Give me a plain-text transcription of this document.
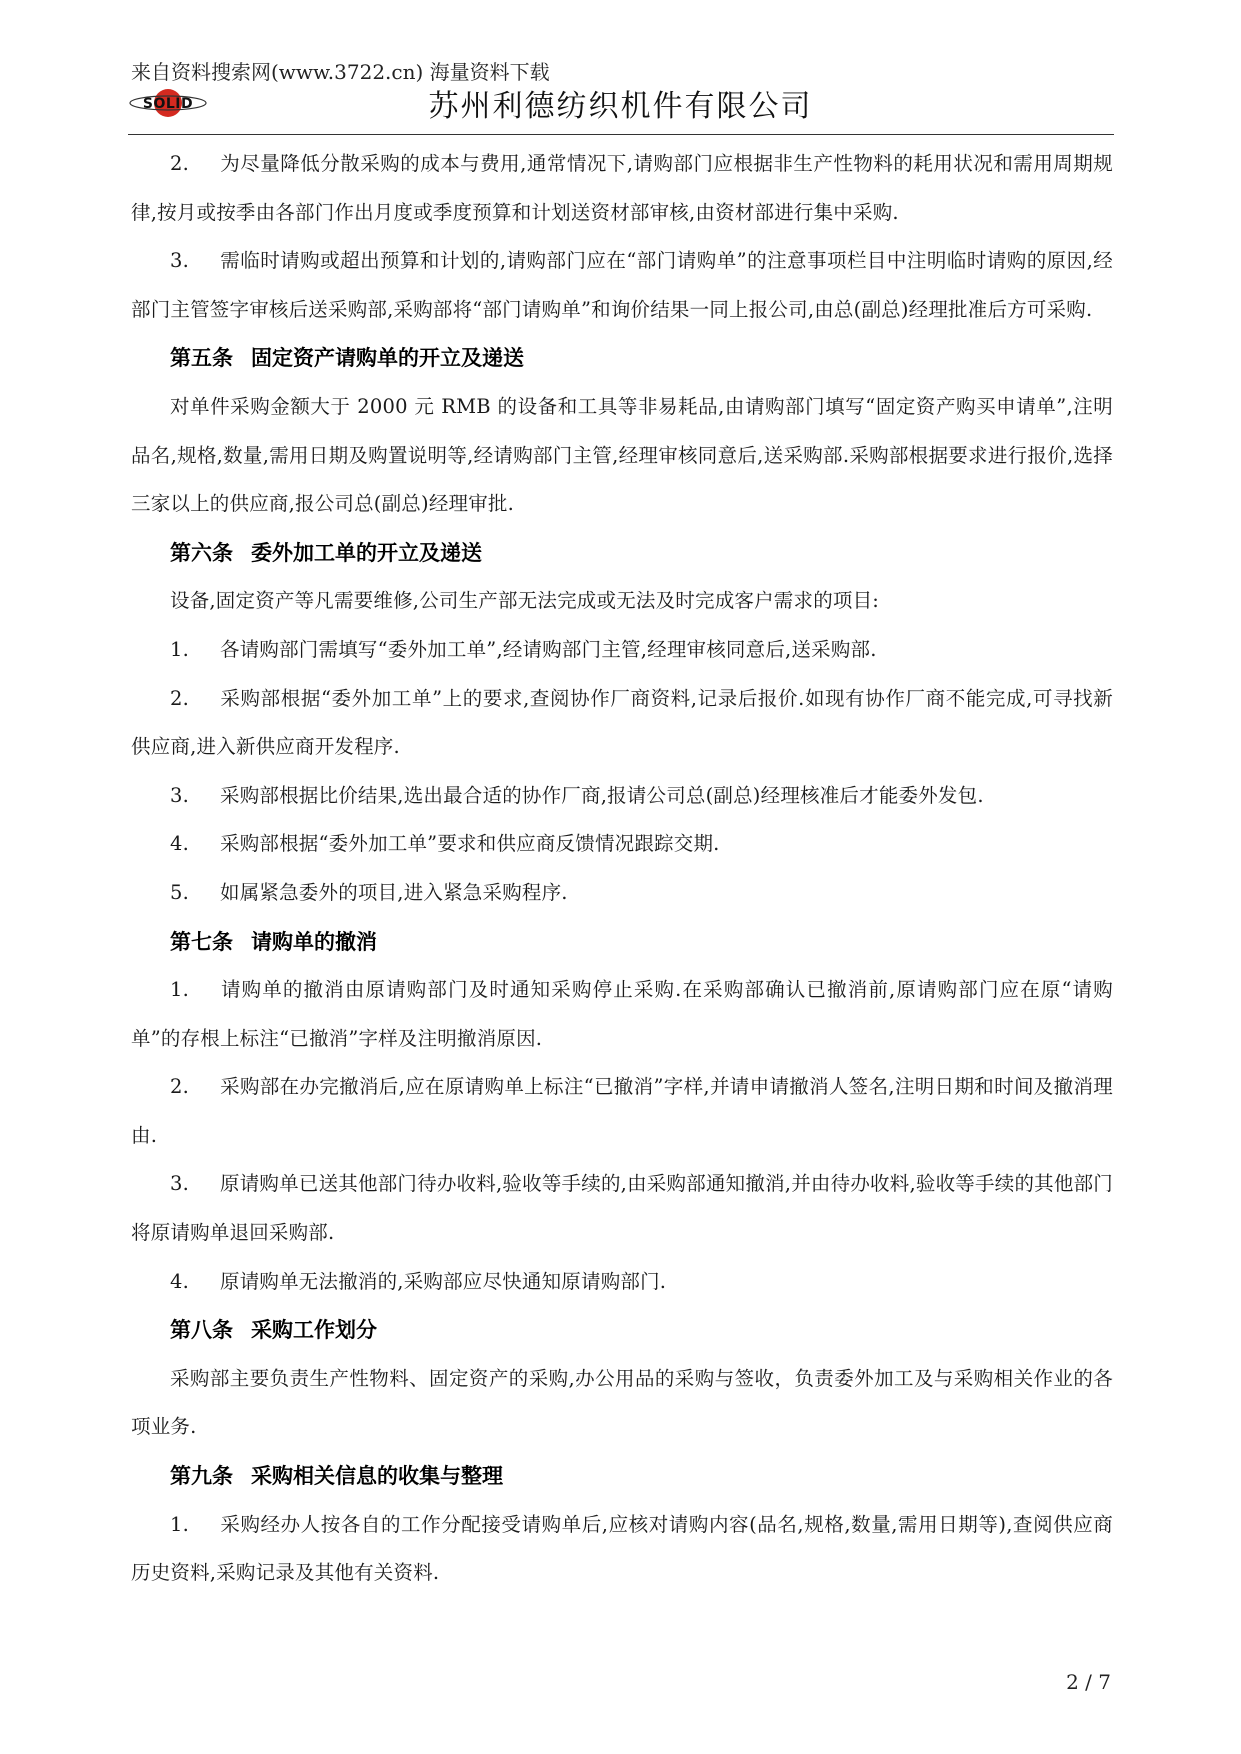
来自资料搜索网(www.3722.cn) 海量资料下载
SOLID	苏州利德纺织机件有限公司

2. 为尽量降低分散采购的成本与费用,通常情况下,请购部门应根据非生产性物料的耗用状况和需用周期规律,按月或按季由各部门作出月度或季度预算和计划送资材部审核,由资材部进行集中采购.

3. 需临时请购或超出预算和计划的,请购部门应在“部门请购单”的注意事项栏目中注明临时请购的原因,经部门主管签字审核后送采购部,采购部将“部门请购单”和询价结果一同上报公司,由总(副总)经理批准后方可采购.

第五条 固定资产请购单的开立及递送

对单件采购金额大于 2000 元 RMB 的设备和工具等非易耗品,由请购部门填写“固定资产购买申请单”,注明品名,规格,数量,需用日期及购置说明等,经请购部门主管,经理审核同意后,送采购部.采购部根据要求进行报价,选择三家以上的供应商,报公司总(副总)经理审批.

第六条 委外加工单的开立及递送

设备,固定资产等凡需要维修,公司生产部无法完成或无法及时完成客户需求的项目:

1. 各请购部门需填写“委外加工单”,经请购部门主管,经理审核同意后,送采购部.

2. 采购部根据“委外加工单”上的要求,查阅协作厂商资料,记录后报价.如现有协作厂商不能完成,可寻找新供应商,进入新供应商开发程序.

3. 采购部根据比价结果,选出最合适的协作厂商,报请公司总(副总)经理核准后才能委外发包.

4. 采购部根据“委外加工单”要求和供应商反馈情况跟踪交期.

5. 如属紧急委外的项目,进入紧急采购程序.

第七条 请购单的撤消

1. 请购单的撤消由原请购部门及时通知采购停止采购.在采购部确认已撤消前,原请购部门应在原“请购单”的存根上标注“已撤消”字样及注明撤消原因.

2. 采购部在办完撤消后,应在原请购单上标注“已撤消”字样,并请申请撤消人签名,注明日期和时间及撤消理由.

3. 原请购单已送其他部门待办收料,验收等手续的,由采购部通知撤消,并由待办收料,验收等手续的其他部门将原请购单退回采购部.

4. 原请购单无法撤消的,采购部应尽快通知原请购部门.

第八条 采购工作划分

采购部主要负责生产性物料、固定资产的采购,办公用品的采购与签收，负责委外加工及与采购相关作业的各项业务.

第九条 采购相关信息的收集与整理

1. 采购经办人按各自的工作分配接受请购单后,应核对请购内容(品名,规格,数量,需用日期等),查阅供应商历史资料,采购记录及其他有关资料.

2 / 7
